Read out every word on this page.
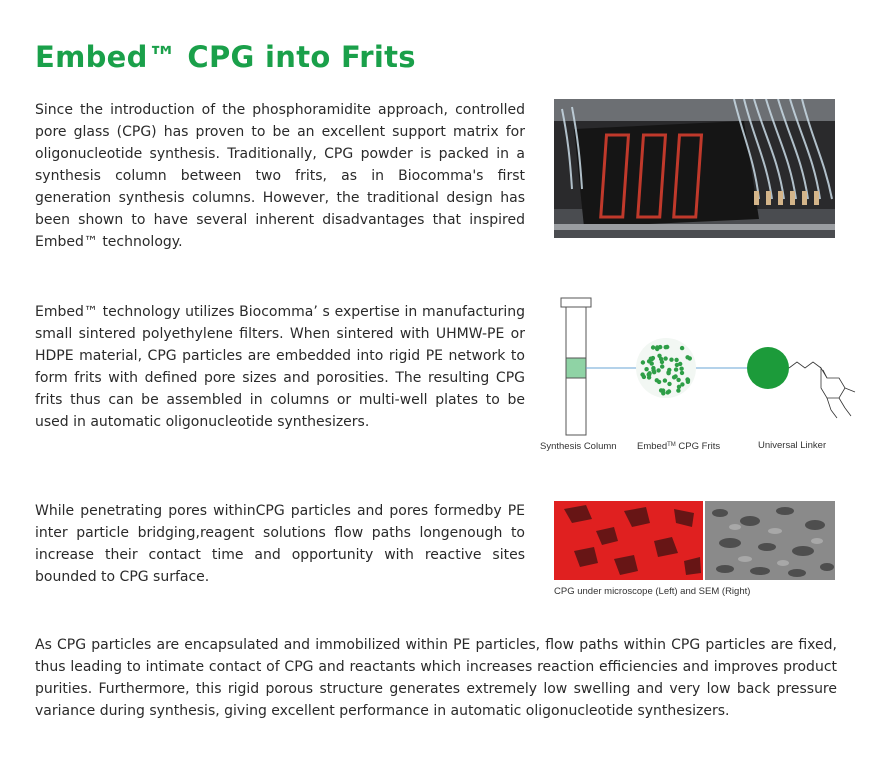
Embed™ CPG into Frits

Since the introduction of the phosphoramidite approach, controlled pore glass (CPG) has proven to be an excellent support matrix for oligonucleotide synthesis. Traditionally, CPG powder is packed in a synthesis column between two frits, as in Biocomma's first generation synthesis columns. However, the traditional design has been shown to have several inherent disadvantages that inspired Embed™ technology.

Embed™ technology utilizes Biocomma’ s expertise in manufacturing small sintered polyethylene filters. When sintered with UHMW-PE or HDPE material, CPG particles are embedded into rigid PE network to form frits with defined pore sizes and porosities. The resulting CPG frits thus can be assembled in columns or multi-well plates to be used in automatic oligonucleotide synthesizers.

Synthesis Column Embed™ CPG Frits	Universal Linker

While penetrating pores withinCPG particles and pores formedby PE inter particle bridging,reagent solutions flow paths longenough to increase their contact time and opportunity with reactive sites bounded to CPG surface.

CPG under microscope (Left) and SEM (Right)

As CPG particles are encapsulated and immobilized within PE particles, flow paths within CPG particles are fixed, thus leading to intimate contact of CPG and reactants which increases reaction efficiencies and improves product purities. Furthermore, this rigid porous structure generates extremely low swelling and very low back pressure variance during synthesis, giving excellent performance in automatic oligonucleotide synthesizers.
